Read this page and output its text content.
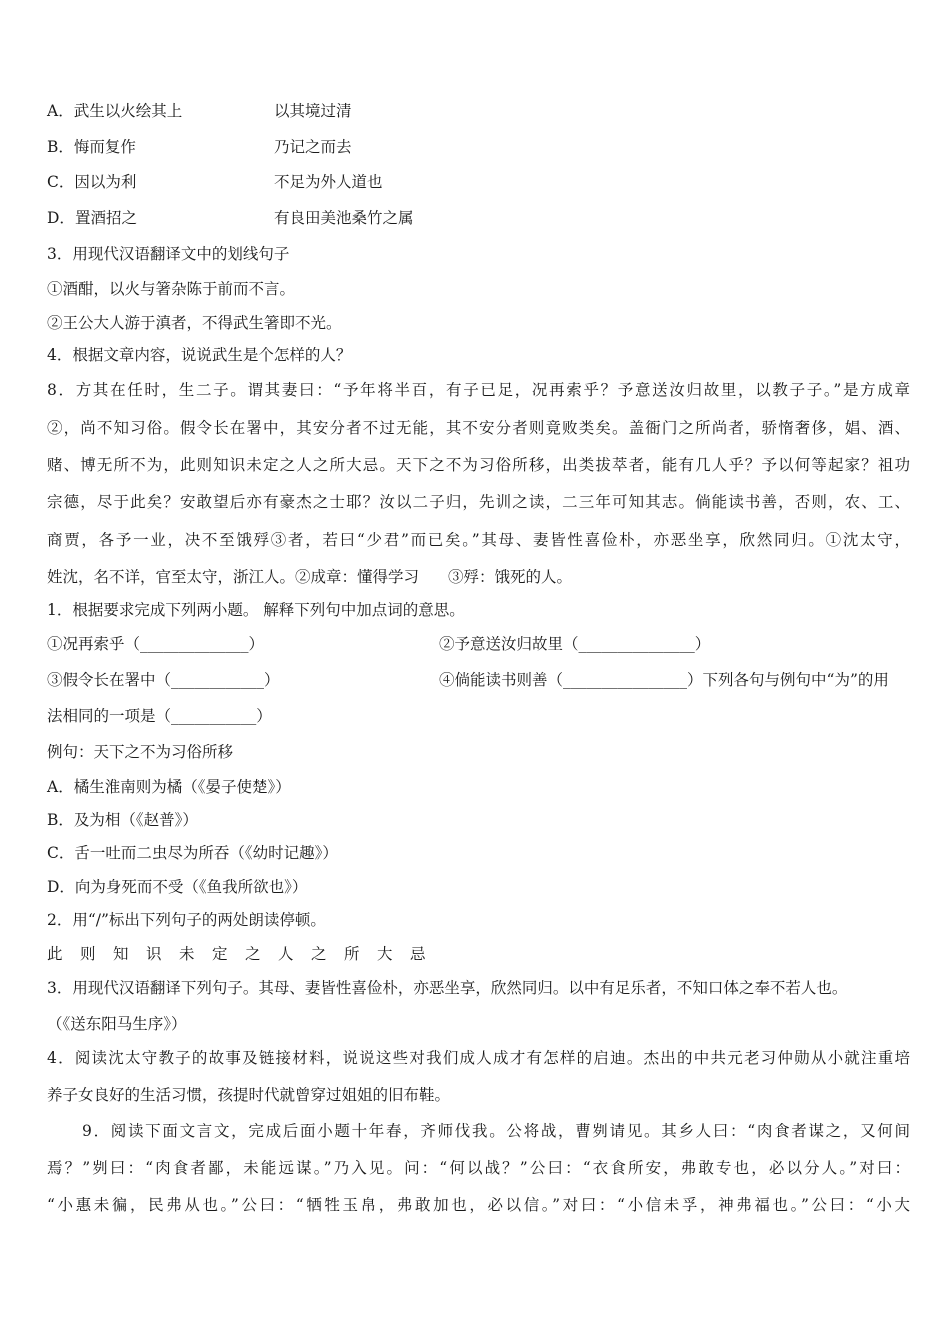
A．武生以火绘其上	以其境过清
B．悔而复作	乃记之而去
C．因以为利	不足为外人道也
D．置酒招之	有良田美池桑竹之属
3．用现代汉语翻译文中的划线句子
①酒酣，以火与箸杂陈于前而不言。
②王公大人游于滇者，不得武生箸即不光。
4．根据文章内容，说说武生是个怎样的人？
8．方其在任时，生二子。谓其妻曰：“予年将半百，有子已足，况再索乎？予意送汝归故里，以教子子。”是方成章
②，尚不知习俗。假令长在署中，其安分者不过无能，其不安分者则竟败类矣。盖衙门之所尚者，骄惰奢侈，娼、酒、
赌、博无所不为，此则知识未定之人之所大忌。天下之不为习俗所移，出类拔萃者，能有几人乎？予以何等起家？祖功
宗德，尽于此矣？安敢望后亦有豪杰之士耶？汝以二子归，先训之读，二三年可知其志。倘能读书善，否则，农、工、
商贾，各予一业，决不至饿殍③者，若曰“少君”而已矣。”其母、妻皆性喜俭朴，亦恶坐享，欣然同归。①沈太守，
姓沈，名不详，官至太守，浙江人。②成章：懂得学习 ③殍：饿死的人。
1．根据要求完成下列两小题。 解释下列句中加点词的意思。
①况再索乎（______________）	②予意送汝归故里（_______________）
③假令长在署中（____________）	④倘能读书则善（________________）下列各句与例句中“为”的用
法相同的一项是（___________）
例句：天下之不为习俗所移
A．橘生淮南则为橘（《晏子使楚》）
B．及为相（《赵普》）
C．舌一吐而二虫尽为所吞（《幼时记趣》）
D．向为身死而不受（《鱼我所欲也》）
2．用“/”标出下列句子的两处朗读停顿。
此则知识未定之人之所大忌
3．用现代汉语翻译下列句子。其母、妻皆性喜俭朴，亦恶坐享，欣然同归。以中有足乐者，不知口体之奉不若人也。
（《送东阳马生序》）
4．阅读沈太守教子的故事及链接材料，说说这些对我们成人成才有怎样的启迪。杰出的中共元老习仲勋从小就注重培
养子女良好的生活习惯，孩提时代就曾穿过姐姐的旧布鞋。
9．阅读下面文言文，完成后面小题十年春，齐师伐我。公将战，曹刿请见。其乡人曰：“肉食者谋之，又何间
焉？”刿曰：“肉食者鄙，未能远谋。”乃入见。问：“何以战？”公曰：“衣食所安，弗敢专也，必以分人。”对曰：
“小惠未徧，民弗从也。”公曰：“牺牲玉帛，弗敢加也，必以信。”对曰：“小信未孚，神弗福也。”公曰：“小大
